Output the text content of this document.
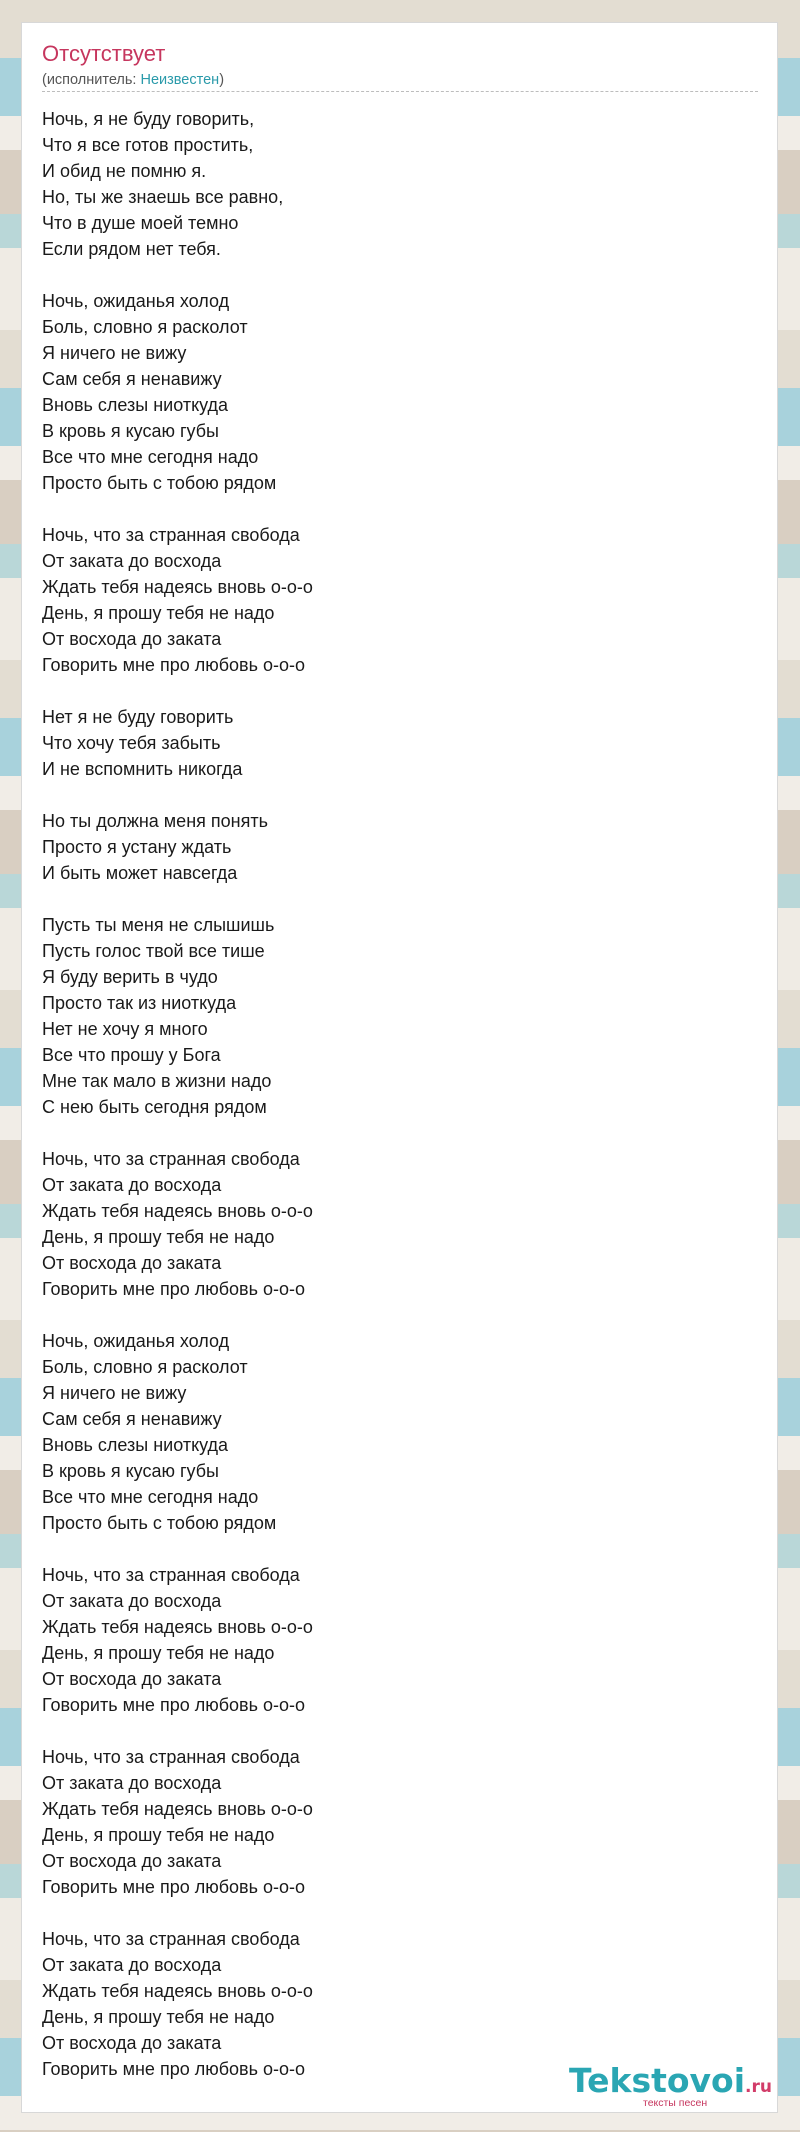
Отсутствует
(исполнитель: Неизвестен)
Ночь, я не буду говорить,
Что я все готов простить,
И обид не помню я.
Но, ты же знаешь все равно,
Что в душе моей темно
Если рядом нет тебя.
Ночь, ожиданья холод
Боль, словно я расколот
Я ничего не вижу
Сам себя я ненавижу
Вновь слезы ниоткуда
В кровь я кусаю губы
Все что мне сегодня надо
Просто быть с тобою рядом
Ночь, что за странная свобода
От заката до восхода
Ждать тебя надеясь вновь о-о-о
День, я прошу тебя не надо
От восхода до заката
Говорить мне про любовь о-о-о
Нет я не буду говорить
Что хочу тебя забыть
И не вспомнить никогда
Но ты должна меня понять
Просто я устану ждать
И быть может навсегда
Пусть ты меня не слышишь
Пусть голос твой все тише
Я буду верить в чудо
Просто так из ниоткуда
Нет не хочу я много
Все что прошу у Бога
Мне так мало в жизни надо
С нею быть сегодня рядом
Ночь, что за странная свобода
От заката до восхода
Ждать тебя надеясь вновь о-о-о
День, я прошу тебя не надо
От восхода до заката
Говорить мне про любовь о-о-о
Ночь, ожиданья холод
Боль, словно я расколот
Я ничего не вижу
Сам себя я ненавижу
Вновь слезы ниоткуда
В кровь я кусаю губы
Все что мне сегодня надо
Просто быть с тобою рядом
Ночь, что за странная свобода
От заката до восхода
Ждать тебя надеясь вновь о-о-о
День, я прошу тебя не надо
От восхода до заката
Говорить мне про любовь о-о-о
Ночь, что за странная свобода
От заката до восхода
Ждать тебя надеясь вновь о-о-о
День, я прошу тебя не надо
От восхода до заката
Говорить мне про любовь о-о-о
Ночь, что за странная свобода
От заката до восхода
Ждать тебя надеясь вновь о-о-о
День, я прошу тебя не надо
От восхода до заката
Говорить мне про любовь о-о-о	Tekstovoi.ru
тексты песен
